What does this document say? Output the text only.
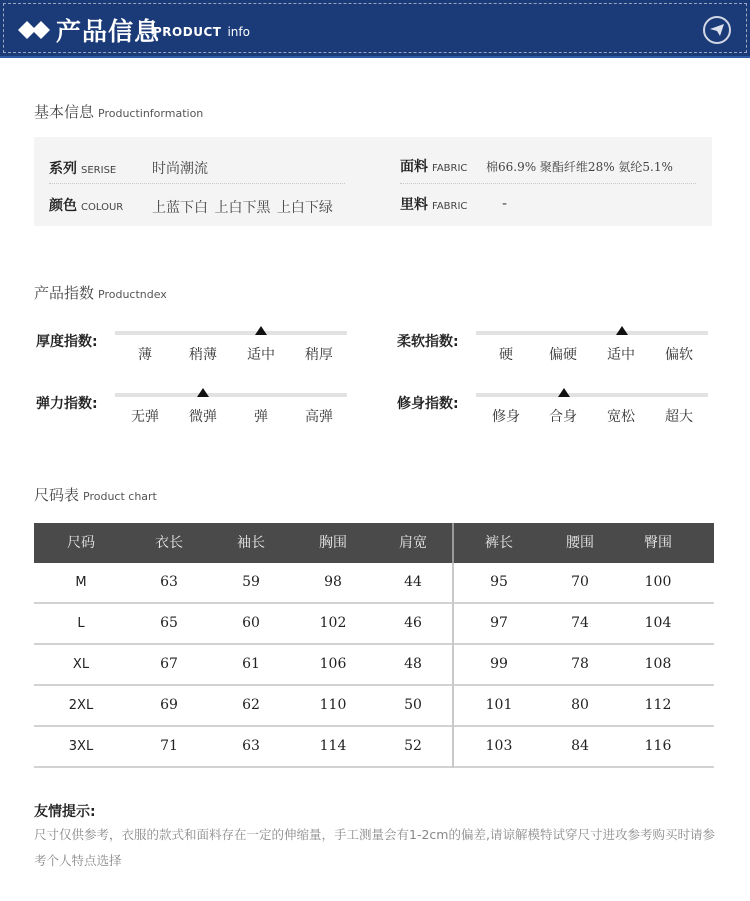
产品信息
PRODUCT info
基本信息 Productinformation
系列 SERISE	时尚潮流
颜色 COLOUR 上蓝下白 上白下黑 上白下绿
面料 FABRIC 棉66.9% 聚酯纤维28% 氨纶5.1%
里料 FABRIC -
产品指数 Productndex
厚度指数:
薄	稍薄	适中	稍厚
柔软指数:
硬	偏硬	适中	偏软
弹力指数:
无弹	微弹	弹	高弹
修身指数:
修身	合身	宽松	超大
尺码表 Product chart
尺码	衣长	袖长	胸围	肩宽	裤长	腰围	臀围
M	63	59	98	44	95	70	100
L	65	60	102	46	97	74	104
XL	67	61	106	48	99	78	108
2XL	69	62	110	50	101	80	112
3XL	71	63	114	52	103	84	116
友情提示:
尺寸仅供参考，衣服的款式和面料存在一定的伸缩量，手工测量会有1-2cm的偏差,请谅解模特试穿尺寸进攻参考购买时请参考个人特点选择
